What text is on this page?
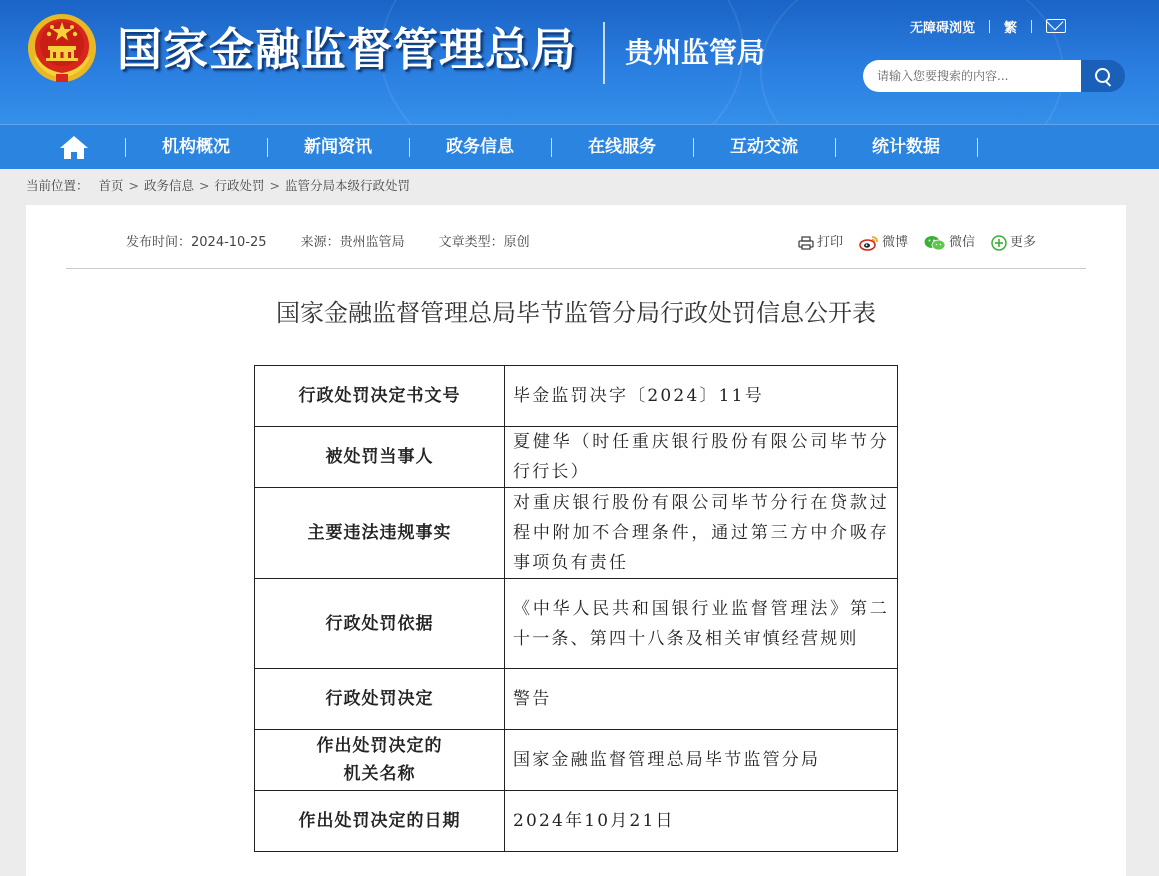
国家金融监督管理总局 贵州监管局
无障碍浏览 繁
请输入您要搜索的内容...
机构概况	新闻资讯	政务信息	在线服务	互动交流	统计数据
当前位置： 首页 > 政务信息 > 行政处罚 > 监管分局本级行政处罚
发布时间：2024-10-25	来源：贵州监管局	文章类型：原创	打印	微博	微信	更多
国家金融监督管理总局毕节监管分局行政处罚信息公开表
行政处罚决定书文号	毕金监罚决字〔2024〕11号
被处罚当事人	夏健华（时任重庆银行股份有限公司毕节分行行长）
主要违法违规事实	对重庆银行股份有限公司毕节分行在贷款过程中附加不合理条件，通过第三方中介吸存事项负有责任
行政处罚依据	《中华人民共和国银行业监督管理法》第二十一条、第四十八条及相关审慎经营规则
行政处罚决定	警告

作出处罚决定的
机关名称	国家金融监督管理总局毕节监管分局
作出处罚决定的日期	2024年10月21日
